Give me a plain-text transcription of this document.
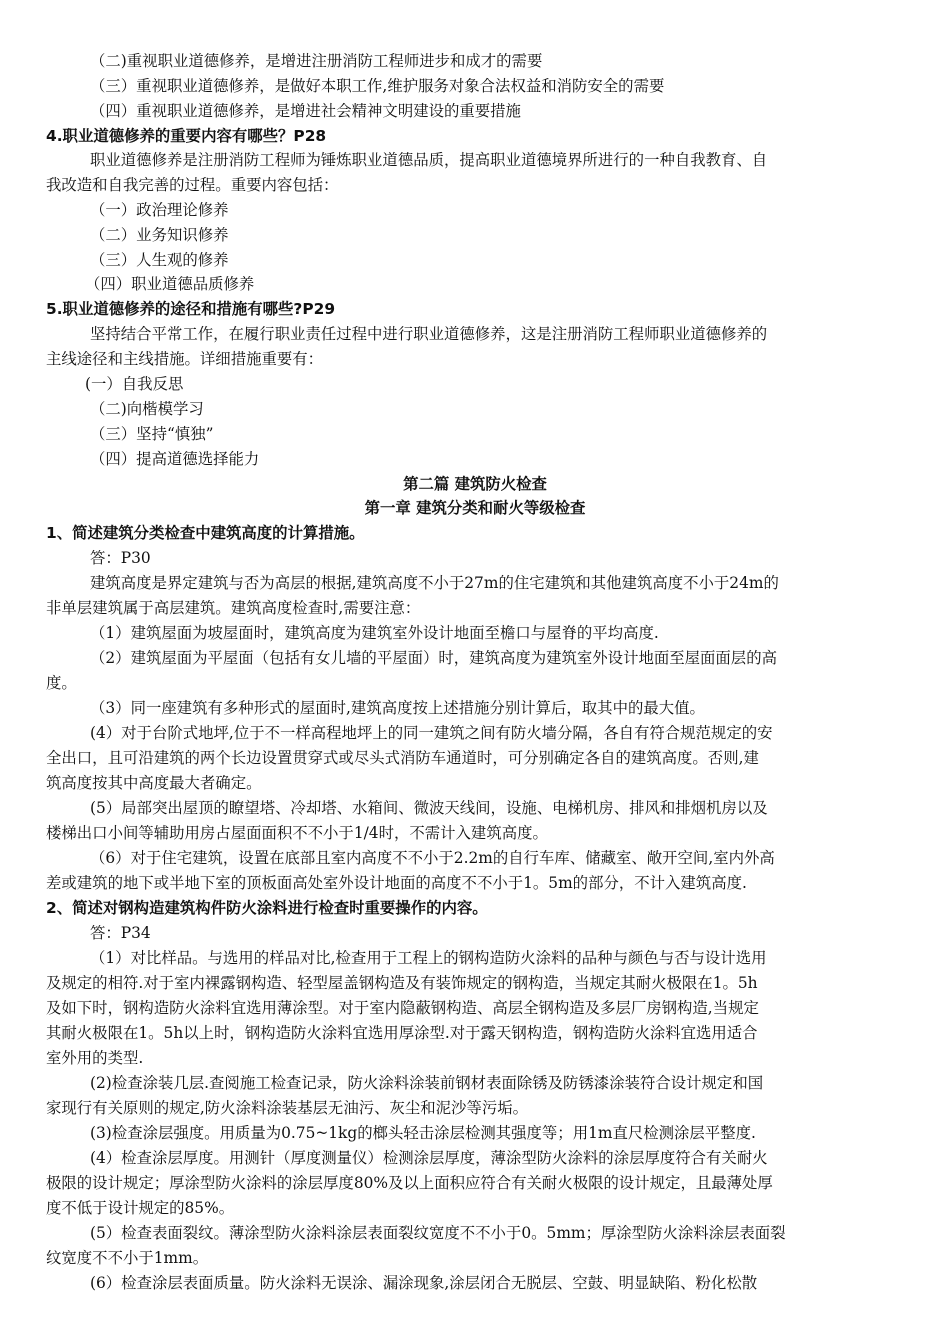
（二)重视职业道德修养，是增进注册消防工程师进步和成才的需要
（三）重视职业道德修养，是做好本职工作,维护服务对象合法权益和消防安全的需要
（四）重视职业道德修养，是增进社会精神文明建设的重要措施
4.职业道德修养的重要内容有哪些？P28
职业道德修养是注册消防工程师为锤炼职业道德品质，提高职业道德境界所进行的一种自我教育、自
我改造和自我完善的过程。重要内容包括：
（一）政治理论修养
（二）业务知识修养
（三）人生观的修养
（四）职业道德品质修养
5.职业道德修养的途径和措施有哪些?P29
坚持结合平常工作，在履行职业责任过程中进行职业道德修养，这是注册消防工程师职业道德修养的
主线途径和主线措施。详细措施重要有：
(一）自我反思
（二)向楷模学习
（三）坚持“慎独”
（四）提高道德选择能力
第二篇 建筑防火检查
第一章 建筑分类和耐火等级检查
1、简述建筑分类检查中建筑高度的计算措施。
答：P30
建筑高度是界定建筑与否为高层的根据,建筑高度不小于27m的住宅建筑和其他建筑高度不小于24m的
非单层建筑属于高层建筑。建筑高度检查时,需要注意：
（1）建筑屋面为坡屋面时，建筑高度为建筑室外设计地面至檐口与屋脊的平均高度.
（2）建筑屋面为平屋面（包括有女儿墙的平屋面）时，建筑高度为建筑室外设计地面至屋面面层的高
度。
（3）同一座建筑有多种形式的屋面时,建筑高度按上述措施分别计算后，取其中的最大值。
(4）对于台阶式地坪,位于不一样高程地坪上的同一建筑之间有防火墙分隔，各自有符合规范规定的安
全出口，且可沿建筑的两个长边设置贯穿式或尽头式消防车通道时，可分别确定各自的建筑高度。否则,建
筑高度按其中高度最大者确定。
(5）局部突出屋顶的瞭望塔、冷却塔、水箱间、微波天线间，设施、电梯机房、排风和排烟机房以及
楼梯出口小间等辅助用房占屋面面积不不小于1/4时，不需计入建筑高度。
（6）对于住宅建筑，设置在底部且室内高度不不小于2.2m的自行车库、储藏室、敞开空间,室内外高
差或建筑的地下或半地下室的顶板面高处室外设计地面的高度不不小于1。5m的部分，不计入建筑高度.
2、简述对钢构造建筑构件防火涂料进行检查时重要操作的内容。
答：P34
（1）对比样品。与选用的样品对比,检查用于工程上的钢构造防火涂料的品种与颜色与否与设计选用
及规定的相符.对于室内裸露钢构造、轻型屋盖钢构造及有装饰规定的钢构造，当规定其耐火极限在1。5h
及如下时，钢构造防火涂料宜选用薄涂型。对于室内隐蔽钢构造、高层全钢构造及多层厂房钢构造,当规定
其耐火极限在1。5h以上时，钢构造防火涂料宜选用厚涂型.对于露天钢构造，钢构造防火涂料宜选用适合
室外用的类型.
(2)检查涂装几层.查阅施工检查记录，防火涂料涂装前钢材表面除锈及防锈漆涂装符合设计规定和国
家现行有关原则的规定,防火涂料涂装基层无油污、灰尘和泥沙等污垢。
(3)检查涂层强度。用质量为0.75~1kg的榔头轻击涂层检测其强度等；用1m直尺检测涂层平整度.
(4）检查涂层厚度。用测针（厚度测量仪）检测涂层厚度，薄涂型防火涂料的涂层厚度符合有关耐火
极限的设计规定；厚涂型防火涂料的涂层厚度80%及以上面积应符合有关耐火极限的设计规定，且最薄处厚
度不低于设计规定的85%。
(5）检查表面裂纹。薄涂型防火涂料涂层表面裂纹宽度不不小于0。5mm；厚涂型防火涂料涂层表面裂
纹宽度不不小于1mm。
(6）检查涂层表面质量。防火涂料无误涂、漏涂现象,涂层闭合无脱层、空鼓、明显缺陷、粉化松散
